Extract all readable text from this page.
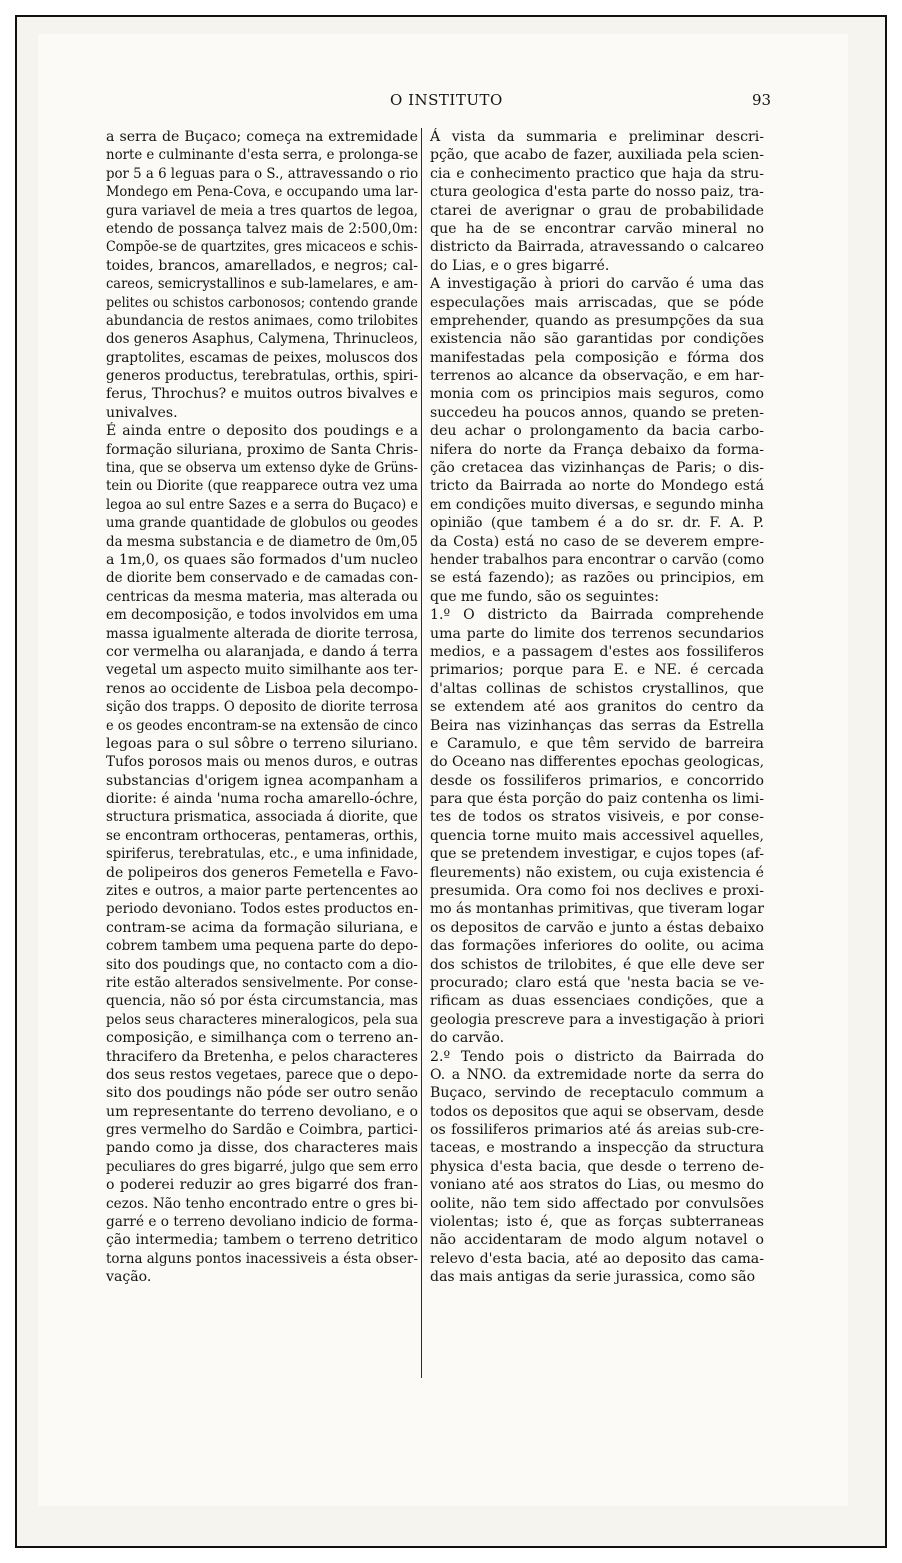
O INSTITUTO	93
a serra de Buçaco; começa na extremidade
norte e culminante d'esta serra, e prolonga-se
por 5 a 6 leguas para o S., attravessando o rio
Mondego em Pena-Cova, e occupando uma lar-
gura variavel de meia a tres quartos de legoa,
etendo de possança talvez mais de 2:500,0m:
Compõe-se de quartzites, gres micaceos e schis-
toides, brancos, amarellados, e negros; cal-
careos, semicrystallinos e sub-lamelares, e am-
pelites ou schistos carbonosos; contendo grande
abundancia de restos animaes, como trilobites
dos generos Asaphus, Calymena, Thrinucleos,
graptolites, escamas de peixes, moluscos dos
generos productus, terebratulas, orthis, spiri-
ferus, Throchus? e muitos outros bivalves e
univalves.
É ainda entre o deposito dos poudings e a
formação siluriana, proximo de Santa Chris-
tina, que se observa um extenso dyke de Grüns-
tein ou Diorite (que reapparece outra vez uma
legoa ao sul entre Sazes e a serra do Buçaco) e
uma grande quantidade de globulos ou geodes
da mesma substancia e de diametro de 0m,05
a 1m,0, os quaes são formados d'um nucleo
de diorite bem conservado e de camadas con-
centricas da mesma materia, mas alterada ou
em decomposição, e todos involvidos em uma
massa igualmente alterada de diorite terrosa,
cor vermelha ou alaranjada, e dando á terra
vegetal um aspecto muito similhante aos ter-
renos ao occidente de Lisboa pela decompo-
sição dos trapps. O deposito de diorite terrosa
e os geodes encontram-se na extensão de cinco
legoas para o sul sôbre o terreno siluriano.
Tufos porosos mais ou menos duros, e outras
substancias d'origem ignea acompanham a
diorite: é ainda 'numa rocha amarello-óchre,
structura prismatica, associada á diorite, que
se encontram orthoceras, pentameras, orthis,
spiriferus, terebratulas, etc., e uma infinidade,
de polipeiros dos generos Femetella e Favo-
zites e outros, a maior parte pertencentes ao
periodo devoniano. Todos estes productos en-
contram-se acima da formação siluriana, e
cobrem tambem uma pequena parte do depo-
sito dos poudings que, no contacto com a dio-
rite estão alterados sensivelmente. Por conse-
quencia, não só por ésta circumstancia, mas
pelos seus characteres mineralogicos, pela sua
composição, e similhança com o terreno an-
thracifero da Bretenha, e pelos characteres
dos seus restos vegetaes, parece que o depo-
sito dos poudings não póde ser outro senão
um representante do terreno devoliano, e o
gres vermelho do Sardão e Coimbra, partici-
pando como ja disse, dos characteres mais
peculiares do gres bigarré, julgo que sem erro
o poderei reduzir ao gres bigarré dos fran-
cezos. Não tenho encontrado entre o gres bi-
garré e o terreno devoliano indicio de forma-
ção intermedia; tambem o terreno detritico
torna alguns pontos inacessiveis a ésta obser-
vação.
Á vista da summaria e preliminar descri-
pção, que acabo de fazer, auxiliada pela scien-
cia e conhecimento practico que haja da stru-
ctura geologica d'esta parte do nosso paiz, tra-
ctarei de averignar o grau de probabilidade
que ha de se encontrar carvão mineral no
districto da Bairrada, atravessando o calcareo
do Lias, e o gres bigarré.
A investigação à priori do carvão é uma das
especulações mais arriscadas, que se póde
emprehender, quando as presumpções da sua
existencia não são garantidas por condições
manifestadas pela composição e fórma dos
terrenos ao alcance da observação, e em har-
monia com os principios mais seguros, como
succedeu ha poucos annos, quando se preten-
deu achar o prolongamento da bacia carbo-
nifera do norte da França debaixo da forma-
ção cretacea das vizinhanças de Paris; o dis-
tricto da Bairrada ao norte do Mondego está
em condições muito diversas, e segundo minha
opinião (que tambem é a do sr. dr. F. A. P.
da Costa) está no caso de se deverem empre-
hender trabalhos para encontrar o carvão (como
se está fazendo); as razões ou principios, em
que me fundo, são os seguintes:
1.º O districto da Bairrada comprehende
uma parte do limite dos terrenos secundarios
medios, e a passagem d'estes aos fossiliferos
primarios; porque para E. e NE. é cercada
d'altas collinas de schistos crystallinos, que
se extendem até aos granitos do centro da
Beira nas vizinhanças das serras da Estrella
e Caramulo, e que têm servido de barreira
do Oceano nas differentes epochas geologicas,
desde os fossiliferos primarios, e concorrido
para que ésta porção do paiz contenha os limi-
tes de todos os stratos visiveis, e por conse-
quencia torne muito mais accessivel aquelles,
que se pretendem investigar, e cujos topes (af-
fleurements) não existem, ou cuja existencia é
presumida. Ora como foi nos declives e proxi-
mo ás montanhas primitivas, que tiveram logar
os depositos de carvão e junto a éstas debaixo
das formações inferiores do oolite, ou acima
dos schistos de trilobites, é que elle deve ser
procurado; claro está que 'nesta bacia se ve-
rificam as duas essenciaes condições, que a
geologia prescreve para a investigação à priori
do carvão.
2.º Tendo pois o districto da Bairrada do
O. a NNO. da extremidade norte da serra do
Buçaco, servindo de receptaculo commum a
todos os depositos que aqui se observam, desde
os fossiliferos primarios até ás areias sub-cre-
taceas, e mostrando a inspecção da structura
physica d'esta bacia, que desde o terreno de-
voniano até aos stratos do Lias, ou mesmo do
oolite, não tem sido affectado por convulsões
violentas; isto é, que as forças subterraneas
não accidentaram de modo algum notavel o
relevo d'esta bacia, até ao deposito das cama-
das mais antigas da serie jurassica, como são
